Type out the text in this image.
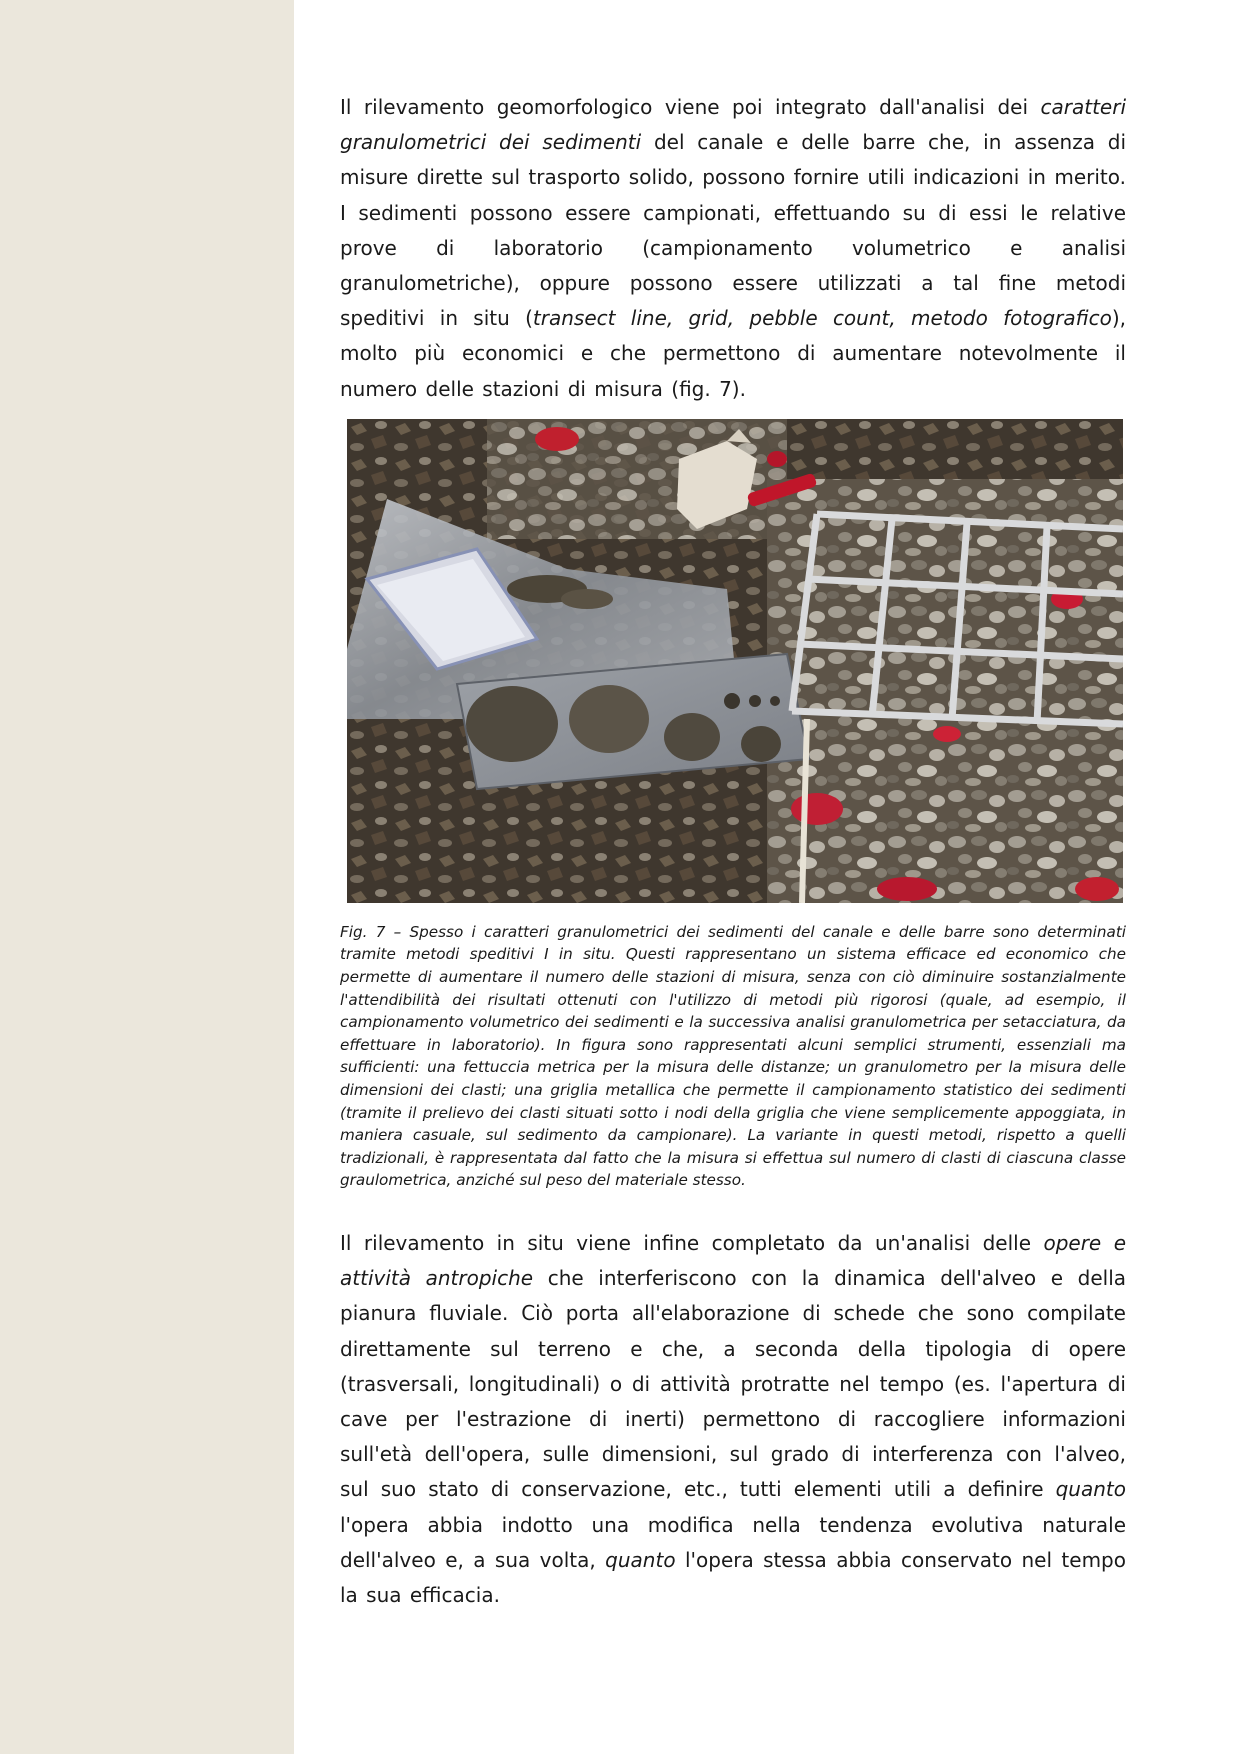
Il rilevamento geomorfologico viene poi integrato dall'analisi dei caratteri granulometrici dei sedimenti del canale e delle barre che, in assenza di misure dirette sul trasporto solido, possono fornire utili indicazioni in merito. I sedimenti possono essere campionati, effettuando su di essi le relative prove di laboratorio (campionamento volumetrico e analisi granulometriche), oppure possono essere utilizzati a tal fine metodi speditivi in situ (transect line, grid, pebble count, metodo fotografico), molto più economici e che permettono di aumentare notevolmente il numero delle stazioni di misura (fig. 7).

Fig. 7 – Spesso i caratteri granulometrici dei sedimenti del canale e delle barre sono determinati tramite metodi speditivi I in situ. Questi rappresentano un sistema efficace ed economico che permette di aumentare il numero delle stazioni di misura, senza con ciò diminuire sostanzialmente l'attendibilità dei risultati ottenuti con l'utilizzo di metodi più rigorosi (quale, ad esempio, il campionamento volumetrico dei sedimenti e la successiva analisi granulometrica per setacciatura, da effettuare in laboratorio). In figura sono rappresentati alcuni semplici strumenti, essenziali ma sufficienti: una fettuccia metrica per la misura delle distanze; un granulometro per la misura delle dimensioni dei clasti; una griglia metallica che permette il campionamento statistico dei sedimenti (tramite il prelievo dei clasti situati sotto i nodi della griglia che viene semplicemente appoggiata, in maniera casuale, sul sedimento da campionare). La variante in questi metodi, rispetto a quelli tradizionali, è rappresentata dal fatto che la misura si effettua sul numero di clasti di ciascuna classe graulometrica, anziché sul peso del materiale stesso.

Il rilevamento in situ viene infine completato da un'analisi delle opere e attività antropiche che interferiscono con la dinamica dell'alveo e della pianura fluviale. Ciò porta all'elaborazione di schede che sono compilate direttamente sul terreno e che, a seconda della tipologia di opere (trasversali, longitudinali) o di attività protratte nel tempo (es. l'apertura di cave per l'estrazione di inerti) permettono di raccogliere informazioni sull'età dell'opera, sulle dimensioni, sul grado di interferenza con l'alveo, sul suo stato di conservazione, etc., tutti elementi utili a definire quanto l'opera abbia indotto una modifica nella tendenza evolutiva naturale dell'alveo e, a sua volta, quanto l'opera stessa abbia conservato nel tempo la sua efficacia.
